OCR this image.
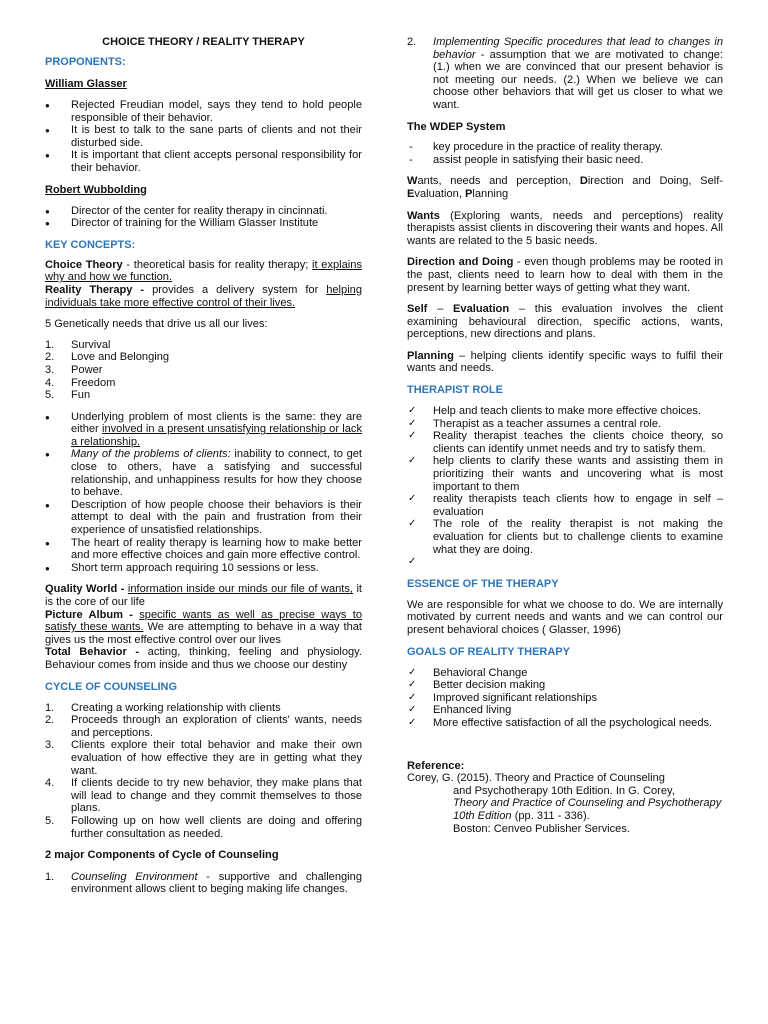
CHOICE THEORY / REALITY THERAPY
PROPONENTS:

William Glasser

● Rejected Freudian model, says they tend to hold people responsible of their behavior.
● It is best to talk to the sane parts of clients and not their disturbed side.
● It is important that client accepts personal responsibility for their behavior.

Robert Wubbolding

● Director of the center for reality therapy in cincinnati.
● Director of training for the William Glasser Institute
KEY CONCEPTS:

Choice Theory - theoretical basis for reality therapy; it explains why and how we function.

Reality Therapy - provides a delivery system for helping individuals take more effective control of their lives.

5 Genetically needs that drive us all our lives:

1. Survival
2. Love and Belonging
3. Power
4. Freedom
5. Fun
● Underlying problem of most clients is the same: they are either involved in a present unsatisfying relationship or lack a relationship.
● Many of the problems of clients: inability to connect, to get close to others, have a satisfying and successful relationship, and unhappiness results for how they choose to behave.
● Description of how people choose their behaviors is their attempt to deal with the pain and frustration from their experience of unsatisfied relationships.
● The heart of reality therapy is learning how to make better and more effective choices and gain more effective control.
● Short term approach requiring 10 sessions or less.

Quality World - information inside our minds our file of wants, it is the core of our life

Picture Album - specific wants as well as precise ways to satisfy these wants. We are attempting to behave in a way that gives us the most effective control over our lives

Total Behavior - acting, thinking, feeling and physiology. Behaviour comes from inside and thus we choose our destiny

CYCLE OF COUNSELING
1. Creating a working relationship with clients
2. Proceeds through an exploration of clients' wants, needs and perceptions.
3. Clients explore their total behavior and make their own evaluation of how effective they are in getting what they want.
4. If clients decide to try new behavior, they make plans that will lead to change and they commit themselves to those plans.
5. Following up on how well clients are doing and offering further consultation as needed.
2 major Components of Cycle of Counseling
1. Counseling Environment - supportive and challenging environment allows client to beging making life changes.
2. Implementing Specific procedures that lead to changes in behavior - assumption that we are motivated to change: (1.) when we are convinced that our present behavior is not meeting our needs. (2.) When we believe we can choose other behaviors that will get us closer to what we want.
The WDEP System
- key procedure in the practice of reality therapy.
- assist people in satisfying their basic need.

Wants, needs and perception, Direction and Doing, Self-Evaluation, Planning

Wants (Exploring wants, needs and perceptions) reality therapists assist clients in discovering their wants and hopes. All wants are related to the 5 basic needs.

Direction and Doing - even though problems may be rooted in the past, clients need to learn how to deal with them in the present by learning better ways of getting what they want.

Self – Evaluation – this evaluation involves the client examining behavioural direction, specific actions, wants, perceptions, new directions and plans.

Planning – helping clients identify specific ways to fulfil their wants and needs.

THERAPIST ROLE
✓ Help and teach clients to make more effective choices.
✓ Therapist as a teacher assumes a central role.
✓ Reality therapist teaches the clients choice theory, so clients can identify unmet needs and try to satisfy them.
✓ help clients to clarify these wants and assisting them in prioritizing their wants and uncovering what is most important to them
✓ reality therapists teach clients how to engage in self – evaluation
✓ The role of the reality therapist is not making the evaluation for clients but to challenge clients to examine what they are doing.
✓
ESSENCE OF THE THERAPY

We are responsible for what we choose to do. We are internally motivated by current needs and wants and we can control our present behavioral choices ( Glasser, 1996)

GOALS OF REALITY THERAPY
✓ Behavioral Change
✓ Better decision making
✓ Improved significant relationships
✓ Enhanced living
✓ More effective satisfaction of all the psychological needs.
Reference:

Corey, G. (2015). Theory and Practice of Counseling

and Psychotherapy 10th Edition. In G. Corey,

Theory and Practice of Counseling and Psychotherapy 10th Edition (pp. 311 - 336).

Boston: Cenveo Publisher Services.
